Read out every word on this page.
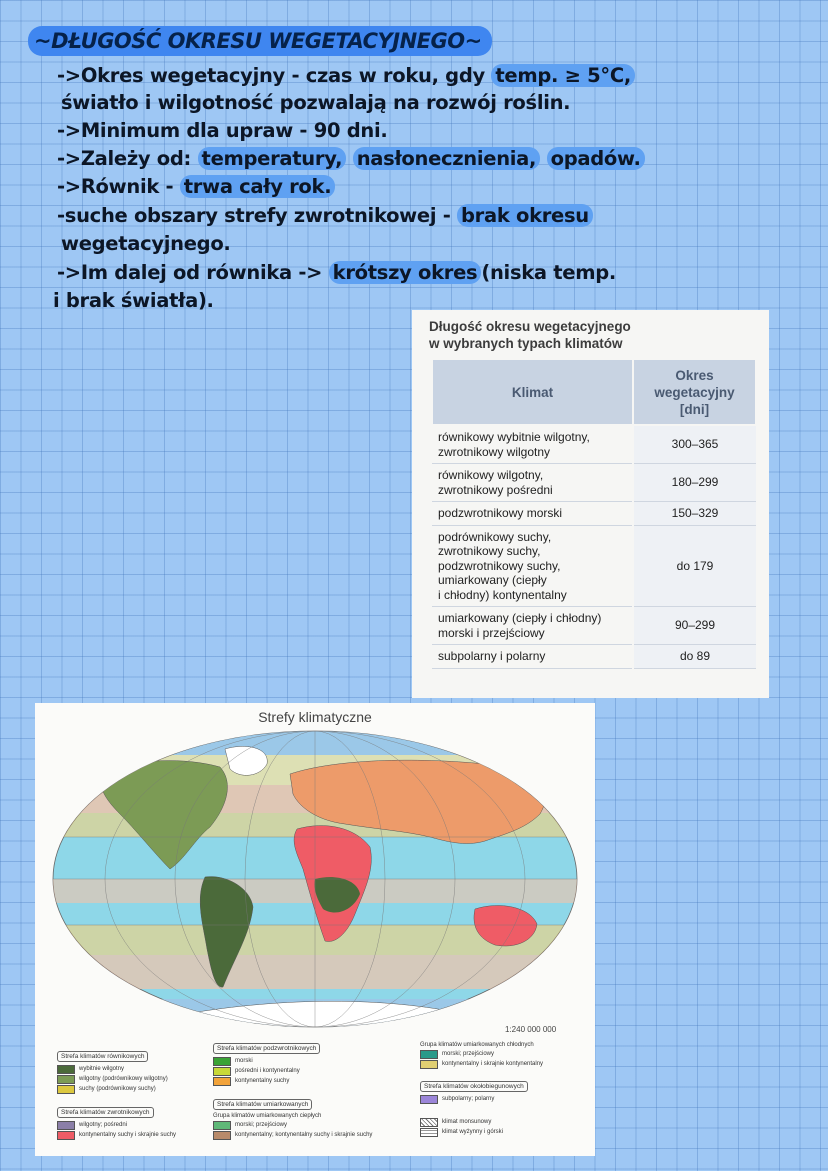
~DŁUGOŚĆ OKRESU WEGETACYJNEGO~
->Okres wegetacyjny - czas w roku, gdy temp. ≥ 5°C,
światło i wilgotność pozwalają na rozwój roślin.
->Minimum dla upraw - 90 dni.
->Zależy od: temperatury, nasłonecznienia, opadów.
->Równik - trwa cały rok.
-suche obszary strefy zwrotnikowej - brak okresu
wegetacyjnego.
->Im dalej od równika -> krótszy okres (niska temp.
i brak światła).
Długość okresu wegetacyjnego
w wybranych typach klimatów
Klimat	Okres
wegetacyjny
[dni]
równikowy wybitnie wilgotny,
zwrotnikowy wilgotny	300–365
równikowy wilgotny,
zwrotnikowy pośredni	180–299
podzwrotnikowy morski	150–329
podrównikowy suchy,
zwrotnikowy suchy,
podzwrotnikowy suchy,
umiarkowany (ciepły
i chłodny) kontynentalny	do 179
umiarkowany (ciepły i chłodny)
morski i przejściowy	90–299
subpolarny i polarny	do 89
Strefy klimatyczne
1:240 000 000
Strefa klimatów równikowych
wybitnie wilgotny
wilgotny (podrównikowy wilgotny)
suchy (podrównikowy suchy)
Strefa klimatów zwrotnikowych
wilgotny; pośredni
kontynentalny suchy i skrajnie suchy
Strefa klimatów podzwrotnikowych
morski
pośredni i kontynentalny
kontynentalny suchy
Strefa klimatów umiarkowanych
Grupa klimatów umiarkowanych ciepłych
morski; przejściowy
kontynentalny; kontynentalny suchy i skrajnie suchy
Grupa klimatów umiarkowanych chłodnych
morski; przejściowy
kontynentalny i skrajnie kontynentalny
Strefa klimatów okołobiegunowych
subpolarny; polarny
klimat monsunowy
klimat wyżynny i górski
